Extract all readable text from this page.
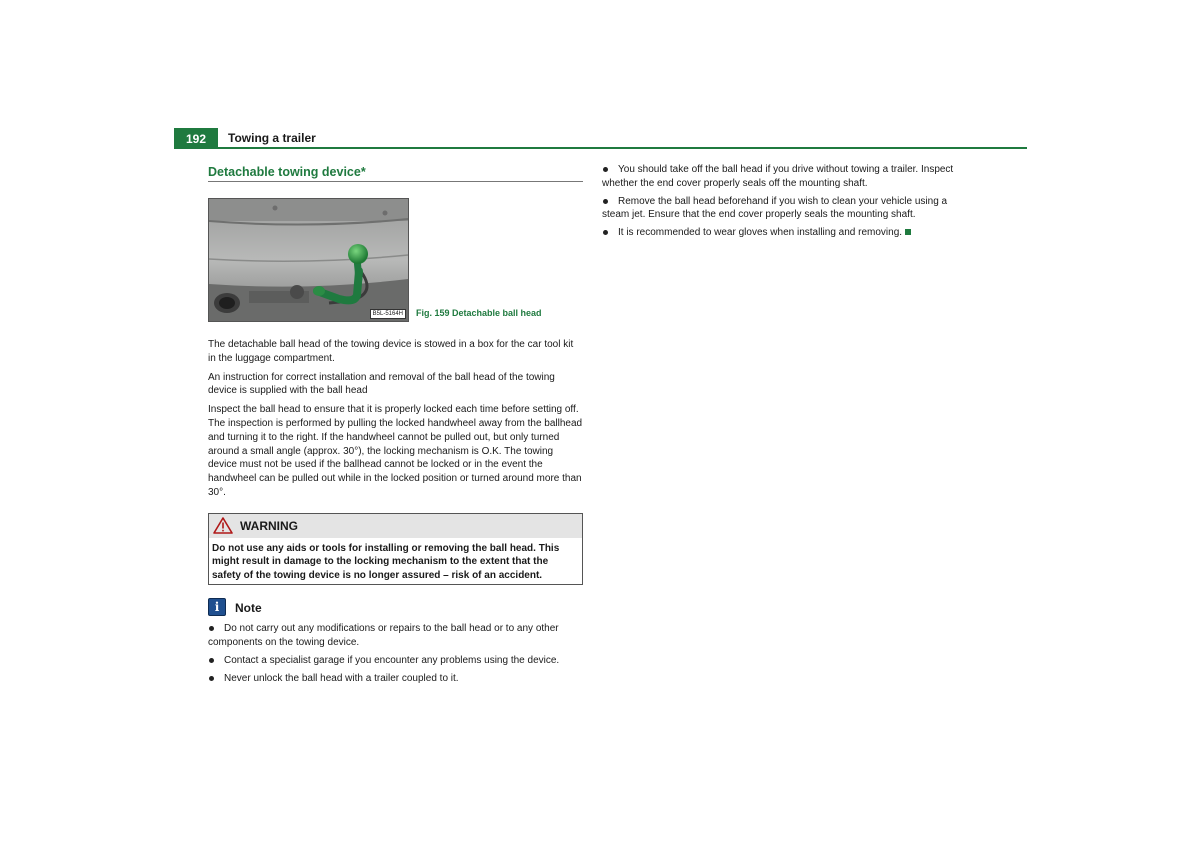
192	Towing a trailer
Detachable towing device*
B5L-5164H	Fig. 159 Detachable ball head

The detachable ball head of the towing device is stowed in a box for the car tool kit in the luggage compartment.

An instruction for correct installation and removal of the ball head of the towing device is supplied with the ball head

Inspect the ball head to ensure that it is properly locked each time before setting off. The inspection is performed by pulling the locked handwheel away from the ballhead and turning it to the right. If the handwheel cannot be pulled out, but only turned around a small angle (approx. 30°), the locking mechanism is O.K. The towing device must not be used if the ballhead cannot be locked or in the event the handwheel can be pulled out while in the locked position or turned around more than 30°.

WARNING

Do not use any aids or tools for installing or removing the ball head. This might result in damage to the locking mechanism to the extent that the safety of the towing device is no longer assured – risk of an accident.

i	Note
Do not carry out any modifications or repairs to the ball head or to any other components on the towing device.
Contact a specialist garage if you encounter any problems using the device.
Never unlock the ball head with a trailer coupled to it.
You should take off the ball head if you drive without towing a trailer. Inspect whether the end cover properly seals off the mounting shaft.
Remove the ball head beforehand if you wish to clean your vehicle using a steam jet. Ensure that the end cover properly seals the mounting shaft.
It is recommended to wear gloves when installing and removing.
